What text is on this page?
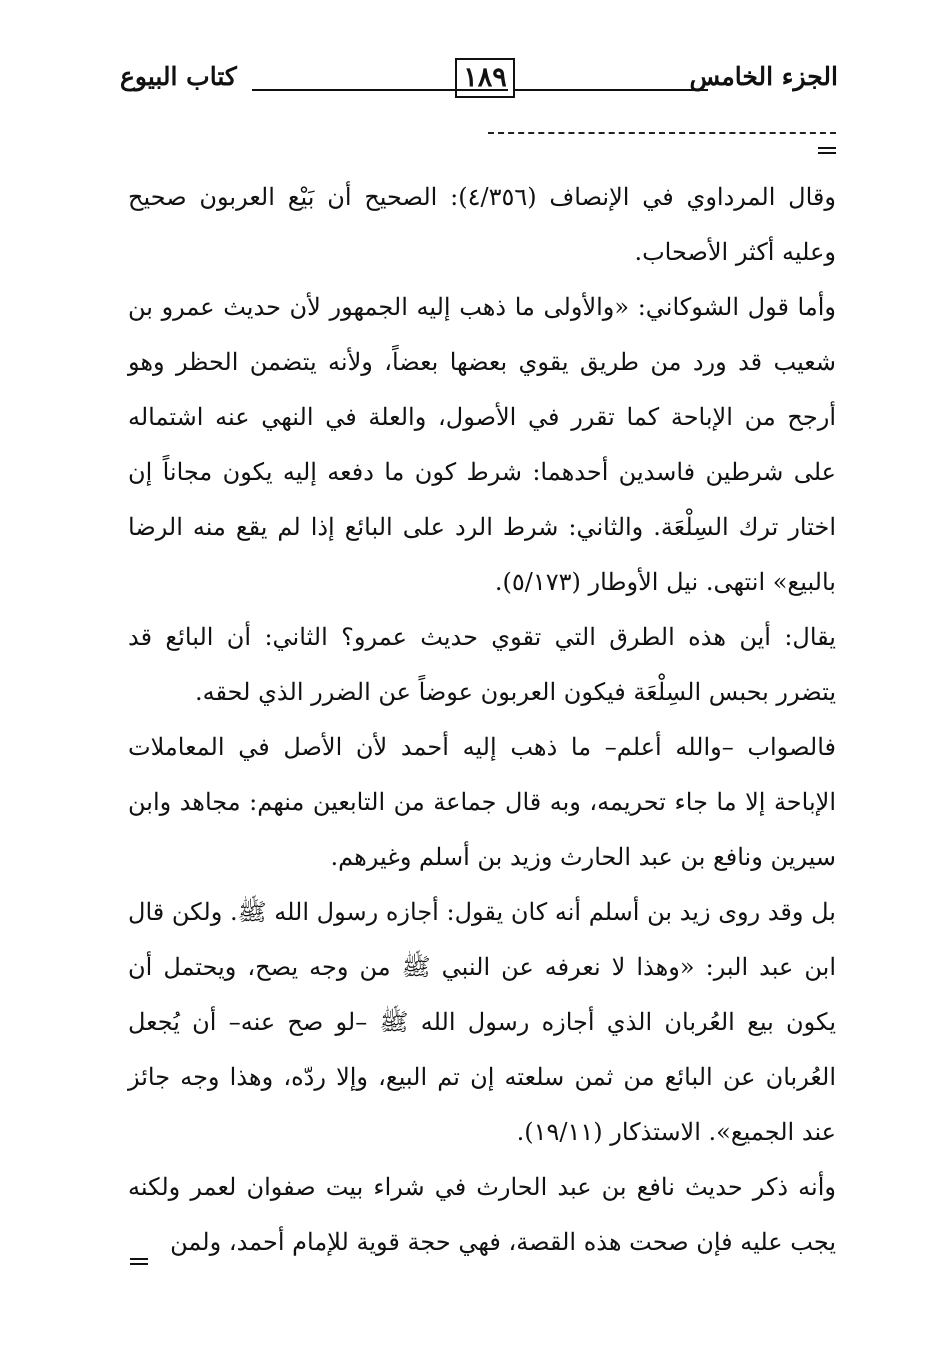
الجزء الخامس
١٨٩
كتاب البيوع

وقال المرداوي في الإنصاف (٤/٣٥٦): الصحيح أن بَيْع العربون صحيح وعليه أكثر الأصحاب.

وأما قول الشوكاني: «والأولى ما ذهب إليه الجمهور لأن حديث عمرو بن شعيب قد ورد من طريق يقوي بعضها بعضاً، ولأنه يتضمن الحظر وهو أرجح من الإباحة كما تقرر في الأصول، والعلة في النهي عنه اشتماله على شرطين فاسدين أحدهما: شرط كون ما دفعه إليه يكون مجاناً إن اختار ترك السِلْعَة. والثاني: شرط الرد على البائع إذا لم يقع منه الرضا بالبيع» انتهى. نيل الأوطار (٥/١٧٣).

يقال: أين هذه الطرق التي تقوي حديث عمرو؟ الثاني: أن البائع قد يتضرر بحبس السِلْعَة فيكون العربون عوضاً عن الضرر الذي لحقه.

فالصواب –والله أعلم– ما ذهب إليه أحمد لأن الأصل في المعاملات الإباحة إلا ما جاء تحريمه، وبه قال جماعة من التابعين منهم: مجاهد وابن سيرين ونافع بن عبد الحارث وزيد بن أسلم وغيرهم.

بل وقد روى زيد بن أسلم أنه كان يقول: أجازه رسول الله ﷺ. ولكن قال ابن عبد البر: «وهذا لا نعرفه عن النبي ﷺ من وجه يصح، ويحتمل أن يكون بيع العُربان الذي أجازه رسول الله ﷺ –لو صح عنه– أن يُجعل العُربان عن البائع من ثمن سلعته إن تم البيع، وإلا ردّه، وهذا وجه جائز عند الجميع». الاستذكار (١٩/١١).

وأنه ذكر حديث نافع بن عبد الحارث في شراء بيت صفوان لعمر ولكنه يجب عليه فإن صحت هذه القصة، فهي حجة قوية للإمام أحمد، ولمن
